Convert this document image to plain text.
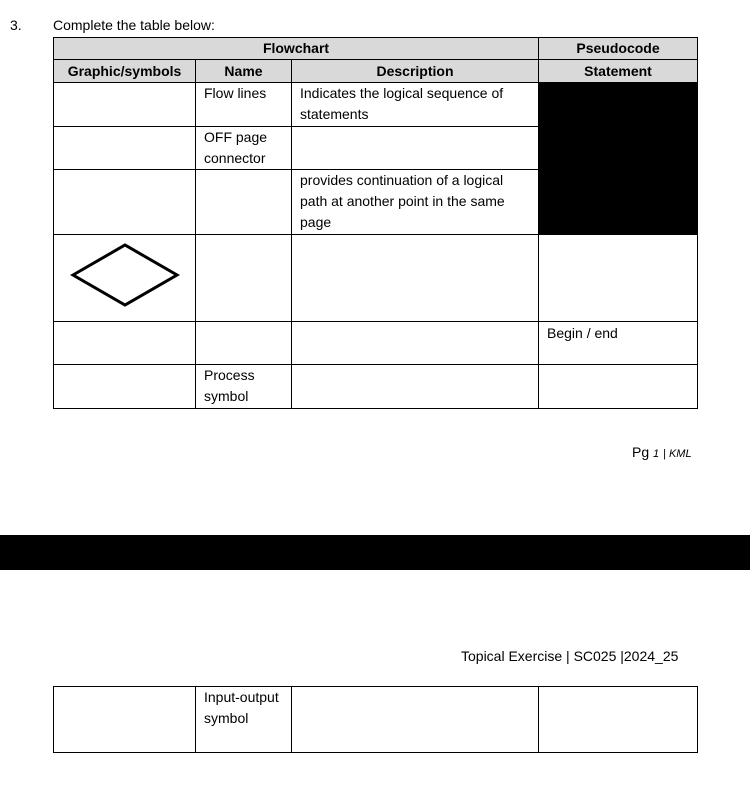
3. Complete the table below:
Flowchart			Pseudocode
Graphic/symbols	Name	Description	Statement
	Flow lines	Indicates the logical sequence of statements	
	OFF page connector		
		provides continuation of a logical path at another point in the same page	

			Begin / end
	Process symbol		
Pg 1 | KML
Topical Exercise | SC025 |2024_25
	Input-output symbol		
